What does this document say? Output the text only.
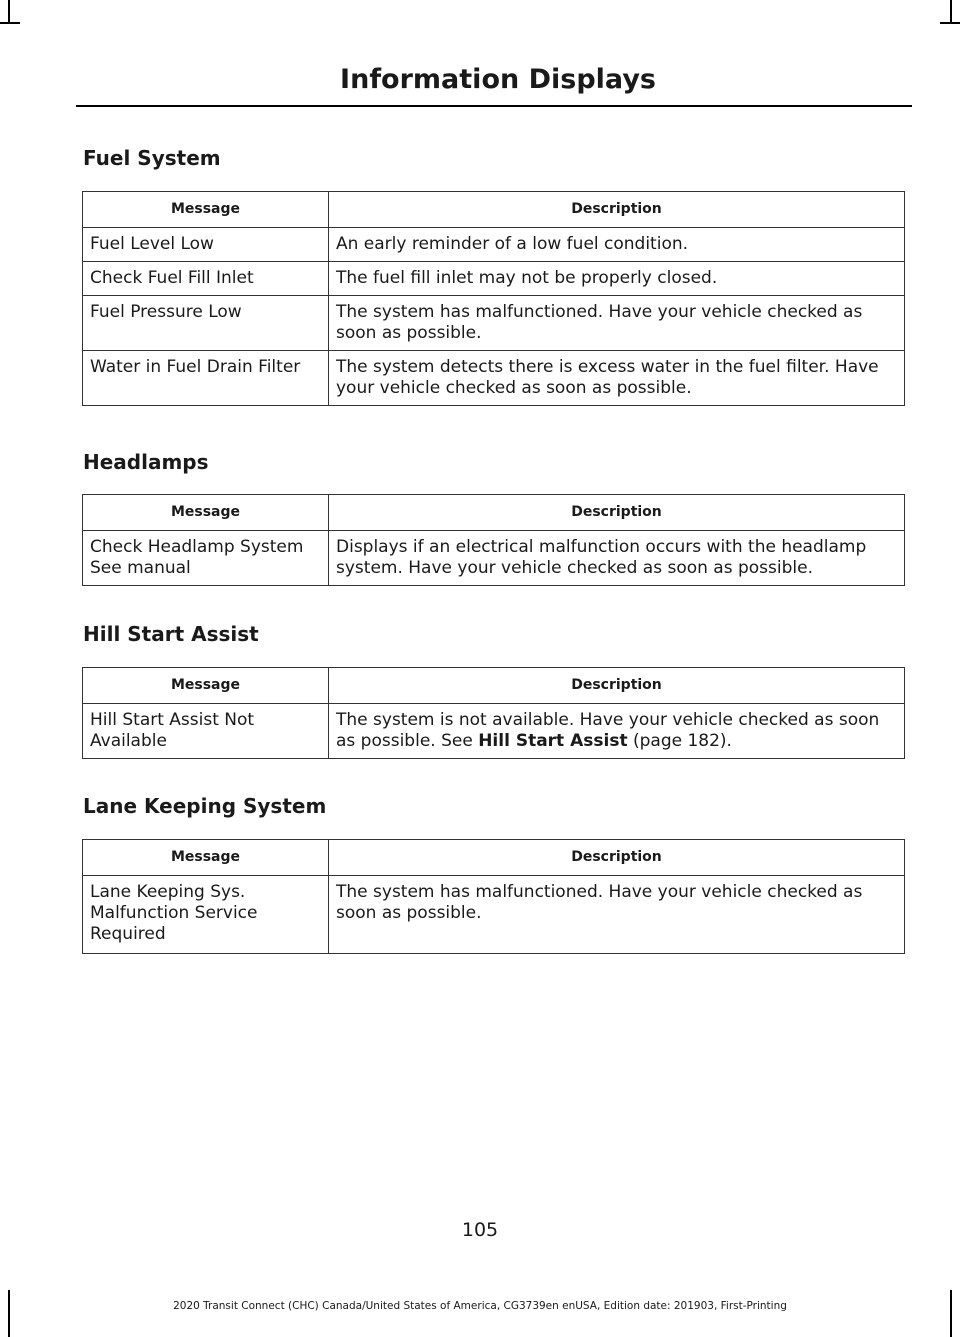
Information Displays
Fuel System
Message	Description
Fuel Level Low	An early reminder of a low fuel condition.
Check Fuel Fill Inlet	The fuel fill inlet may not be properly closed.
Fuel Pressure Low	The system has malfunctioned. Have your vehicle checked as soon as possible.
Water in Fuel Drain Filter	The system detects there is excess water in the fuel filter. Have your vehicle checked as soon as possible.
Headlamps
Message	Description
Check Headlamp System See manual	Displays if an electrical malfunction occurs with the headlamp system. Have your vehicle checked as soon as possible.
Hill Start Assist
Message	Description
Hill Start Assist Not Available	The system is not available. Have your vehicle checked as soon as possible. See Hill Start Assist (page 182).
Lane Keeping System
Message	Description
Lane Keeping Sys. Malfunction Service Required	The system has malfunctioned. Have your vehicle checked as soon as possible.
105
2020 Transit Connect (CHC) Canada/United States of America, CG3739en enUSA, Edition date: 201903, First-Printing
